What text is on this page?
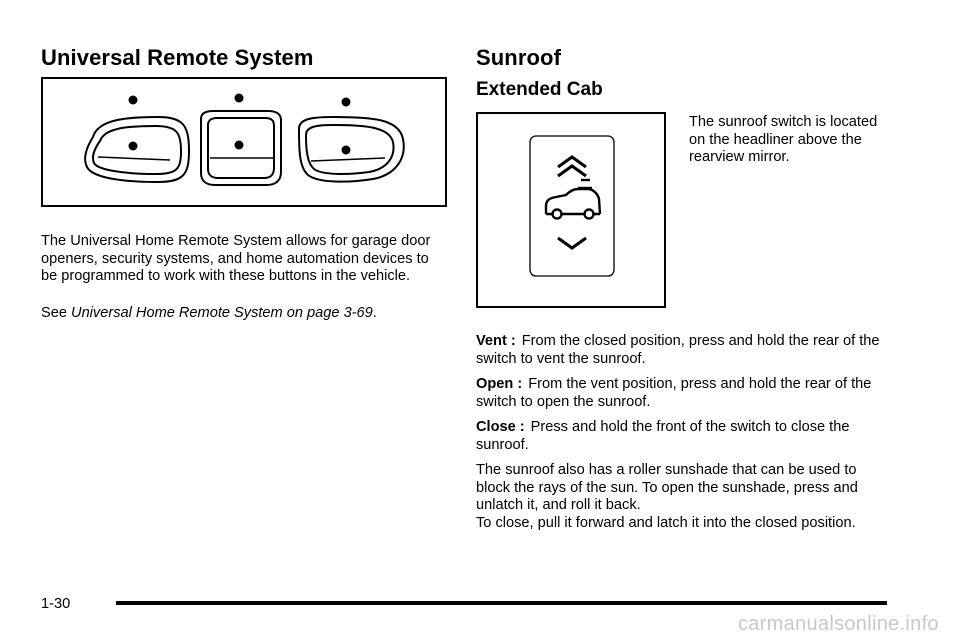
Universal Remote System

The Universal Home Remote System allows for garage door openers, security systems, and home automation devices to be programmed to work with these buttons in the vehicle.

See Universal Home Remote System on page 3-69.

Sunroof
Extended Cab

The sunroof switch is located on the headliner above the rearview mirror.

Vent : From the closed position, press and hold the rear of the switch to vent the sunroof.

Open : From the vent position, press and hold the rear of the switch to open the sunroof.

Close : Press and hold the front of the switch to close the sunroof.

The sunroof also has a roller sunshade that can be used to block the rays of the sun. To open the sunshade, press and unlatch it, and roll it back.

To close, pull it forward and latch it into the closed position.

1-30

carmanualsonline.info
